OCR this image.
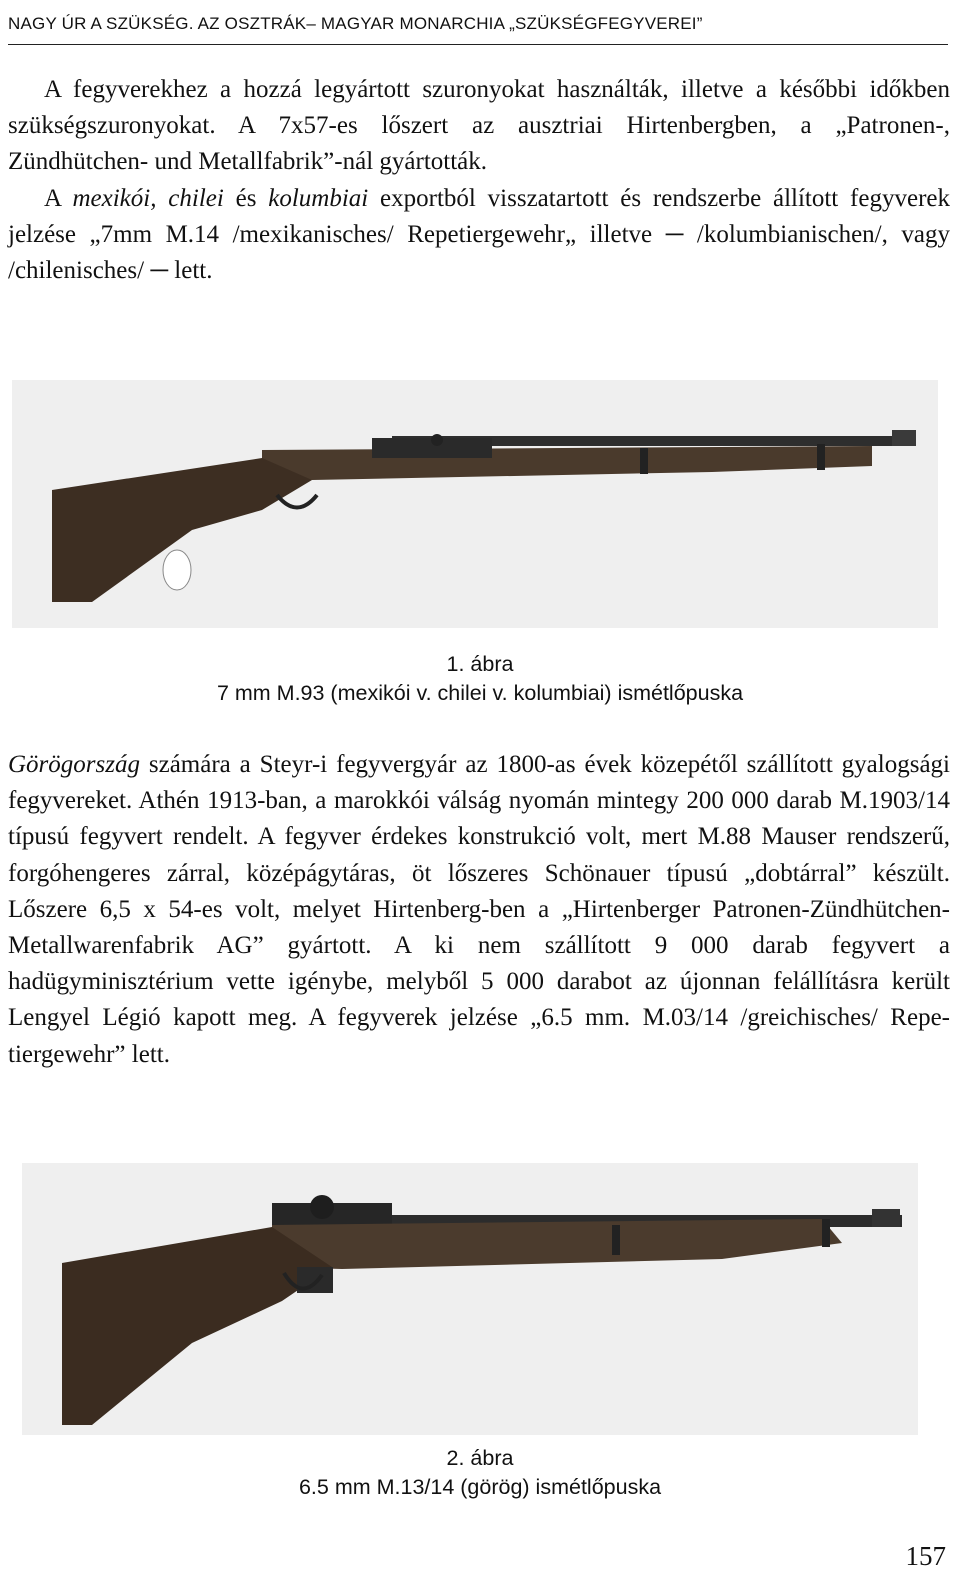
NAGY ÚR A SZÜKSÉG. AZ OSZTRÁK– MAGYAR MONARCHIA „SZÜKSÉGFEGYVEREI”

A fegyverekhez a hozzá legyártott szuronyokat használták, illetve a későbbi időkben szükségszuronyokat. A 7x57-es lőszert az ausztriai Hirtenbergben, a „Patronen-, Zündhütchen- und Metallfabrik”-nál gyártották.

A mexikói, chilei és kolumbiai exportból visszatartott és rendszerbe állított fegyverek jelzése „7mm M.14 /mexikanisches/ Repetiergewehr„ illetve ─ /kolumbianischen/, vagy /chilenisches/ ─ lett.

1. ábra
7 mm M.93 (mexikói v. chilei v. kolumbiai) ismétlőpuska

Görögország számára a Steyr-i fegyvergyár az 1800-as évek közepétől szállított gyalogsági fegyvereket. Athén 1913-ban, a marokkói válság nyomán mintegy 200 000 darab M.1903/14 típusú fegyvert rendelt. A fegyver érdekes konstrukció volt, mert M.88 Mauser rendszerű, forgóhengeres zárral, középágytáras, öt lőszeres Schönauer típusú „dobtárral” készült. Lőszere 6,5 x 54-es volt, melyet Hirtenberg-ben a „Hirtenberger Patronen-Zündhütchen-Metallwarenfabrik AG” gyártott. A ki nem szállított 9 000 darab fegyvert a hadügyminisztérium vette igénybe, melyből 5 000 darabot az újonnan felállításra került Lengyel Légió kapott meg. A fegyverek jelzése „6.5 mm. M.03/14 /greichisches/ Repe-tiergewehr” lett.

2. ábra
6.5 mm M.13/14 (görög) ismétlőpuska
157
